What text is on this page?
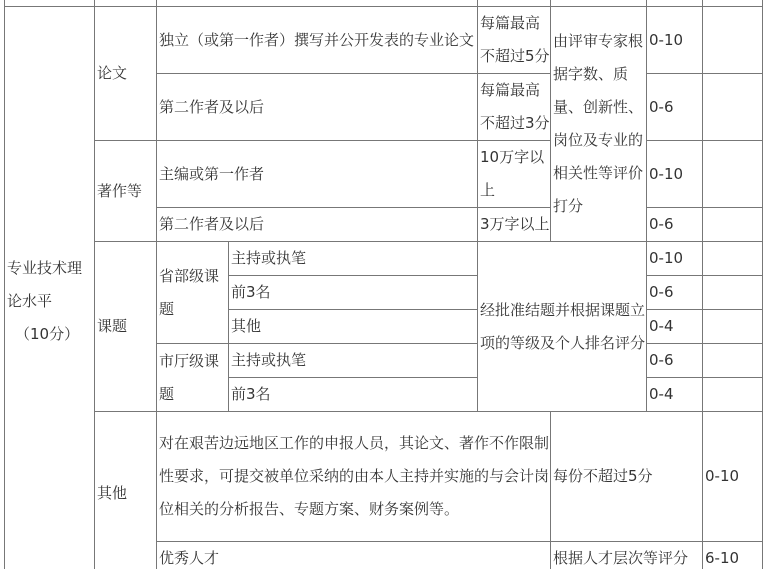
专业技术理
论水平
（10分）	论文	独立（或第一作者）撰写并公开发表的专业论文		每篇最高不超过5分	由评审专家根据字数、质量、创新性、岗位及专业的相关性等评价打分	0-10		
		第二作者及以后		每篇最高不超过3分		0-6		
	著作等	主编或第一作者		10万字以上		0-10		
		第二作者及以后		3万字以上		0-6		
	课题	省部级课题	主持或执笔	经批准结题并根据课题立项的等级及个人排名评分		0-10		
			前3名			0-6		
			其他			0-4		
		市厅级课题	主持或执笔			0-6		
			前3名			0-4		
	其他	对在艰苦边远地区工作的申报人员，其论文、著作不作限制性要求，可提交被单位采纳的由本人主持并实施的与会计岗位相关的分析报告、专题方案、财务案例等。			每份不超过5分		0-10	
		优秀人才			根据人才层次等评分		6-10	
